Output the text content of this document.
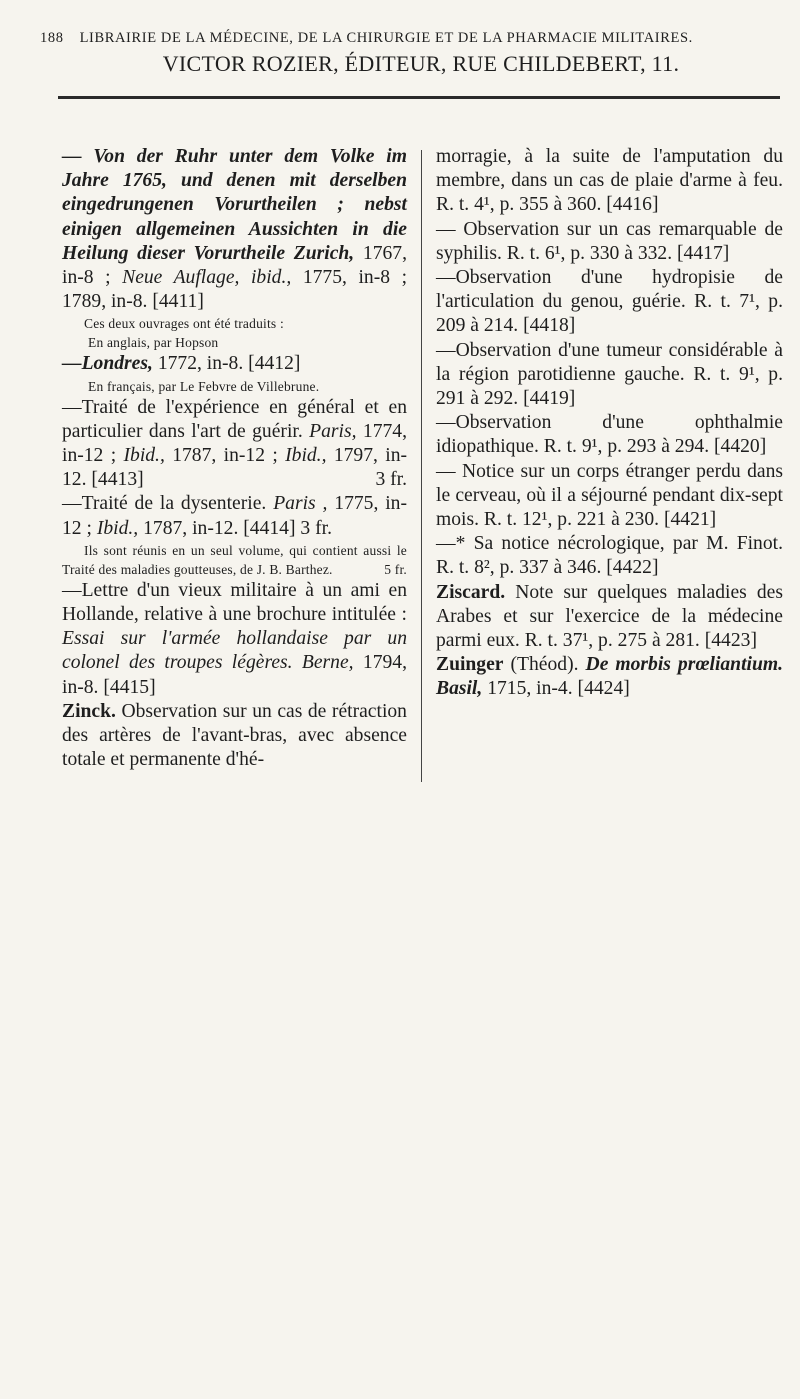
188 LIBRAIRIE DE LA MÉDECINE, DE LA CHIRURGIE ET DE LA PHARMACIE MILITAIRES.
VICTOR ROZIER, ÉDITEUR, RUE CHILDEBERT, 11.
— Von der Ruhr unter dem Volke im Jahre 1765, und denen mit derselben eingedrungenen Vorurtheilen ; nebst einigen allgemeinen Aussichten in die Heilung dieser Vorurtheile Zurich, 1767, in-8 ; Neue Auflage, ibid., 1775, in-8 ; 1789, in-8. [4411]
Ces deux ouvrages ont été traduits :
En anglais, par Hopson
—Londres, 1772, in-8. [4412]
En français, par Le Febvre de Villebrune.
—Traité de l'expérience en général et en particulier dans l'art de guérir. Paris, 1774, in-12 ; Ibid., 1787, in-12 ; Ibid., 1797, in-12. [4413]	3 fr.
—Traité de la dysenterie. Paris , 1775, in-12 ; Ibid., 1787, in-12. [4414] 3 fr.
Ils sont réunis en un seul volume, qui contient aussi le Traité des maladies goutteuses, de J. B. Barthez.	5 fr.
—Lettre d'un vieux militaire à un ami en Hollande, relative à une brochure intitulée : Essai sur l'armée hollandaise par un colonel des troupes légères. Berne, 1794, in-8. [4415]
Zinck. Observation sur un cas de rétraction des artères de l'avant-bras, avec absence totale et permanente d'hé-
morragie, à la suite de l'amputation du membre, dans un cas de plaie d'arme à feu. R. t. 4¹, p. 355 à 360. [4416]
— Observation sur un cas remarquable de syphilis. R. t. 6¹, p. 330 à 332. [4417]
—Observation d'une hydropisie de l'articulation du genou, guérie. R. t. 7¹, p. 209 à 214. [4418]
—Observation d'une tumeur considérable à la région parotidienne gauche. R. t. 9¹, p. 291 à 292. [4419]
—Observation d'une ophthalmie idiopathique. R. t. 9¹, p. 293 à 294. [4420]
— Notice sur un corps étranger perdu dans le cerveau, où il a séjourné pendant dix-sept mois. R. t. 12¹, p. 221 à 230. [4421]
—* Sa notice nécrologique, par M. Finot. R. t. 8², p. 337 à 346. [4422]
Ziscard. Note sur quelques maladies des Arabes et sur l'exercice de la médecine parmi eux. R. t. 37¹, p. 275 à 281. [4423]
Zuinger (Théod). De morbis prœliantium. Basil, 1715, in-4. [4424]
